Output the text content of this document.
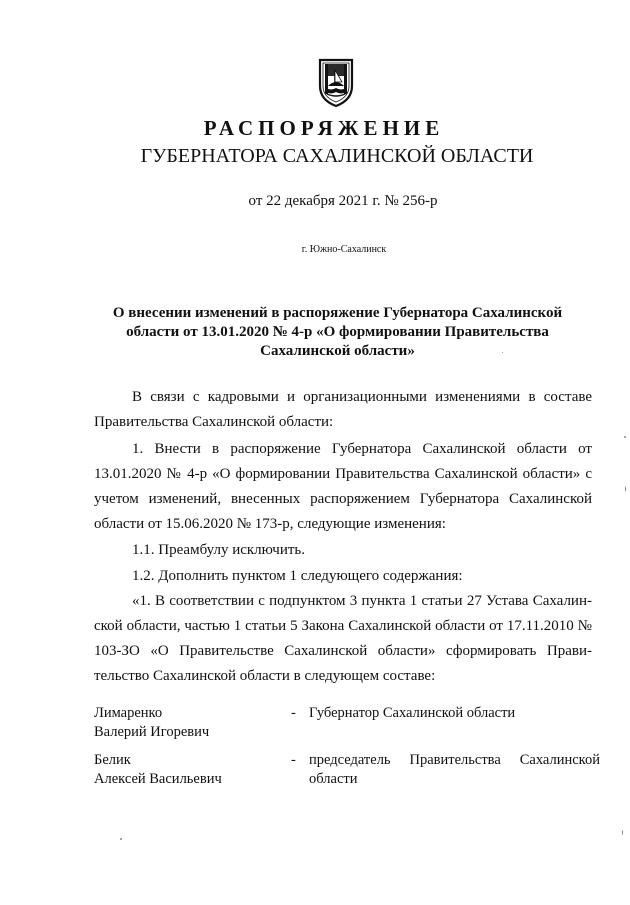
РАСПОРЯЖЕНИЕ
ГУБЕРНАТОРА САХАЛИНСКОЙ ОБЛАСТИ
от 22 декабря 2021 г. № 256-р
г. Южно-Сахалинск
О внесении изменений в распоряжение Губернатора Сахалинской области от 13.01.2020 № 4-р «О формировании Правительства Сахалинской области»

В связи с кадровыми и организационными изменениями в составе Правительства Сахалинской области:

1. Внести в распоряжение Губернатора Сахалинской области от 13.01.2020 № 4-р «О формировании Правительства Сахалинской области» с учетом изменений, внесенных распоряжением Губернатора Сахалинской области от 15.06.2020 № 173-р, следующие изменения:

1.1. Преамбулу исключить.

1.2. Дополнить пунктом 1 следующего содержания:

«1. В соответствии с подпунктом 3 пункта 1 статьи 27 Устава Сахалинской области, частью 1 статьи 5 Закона Сахалинской области от 17.11.2010 № 103-ЗО «О Правительстве Сахалинской области» сформировать Правительство Сахалинской области в следующем составе:

Лимаренко
Валерий Игоревич
- Губернатор Сахалинской области
Белик
Алексей Васильевич
- председатель Правительства Сахалинской области
